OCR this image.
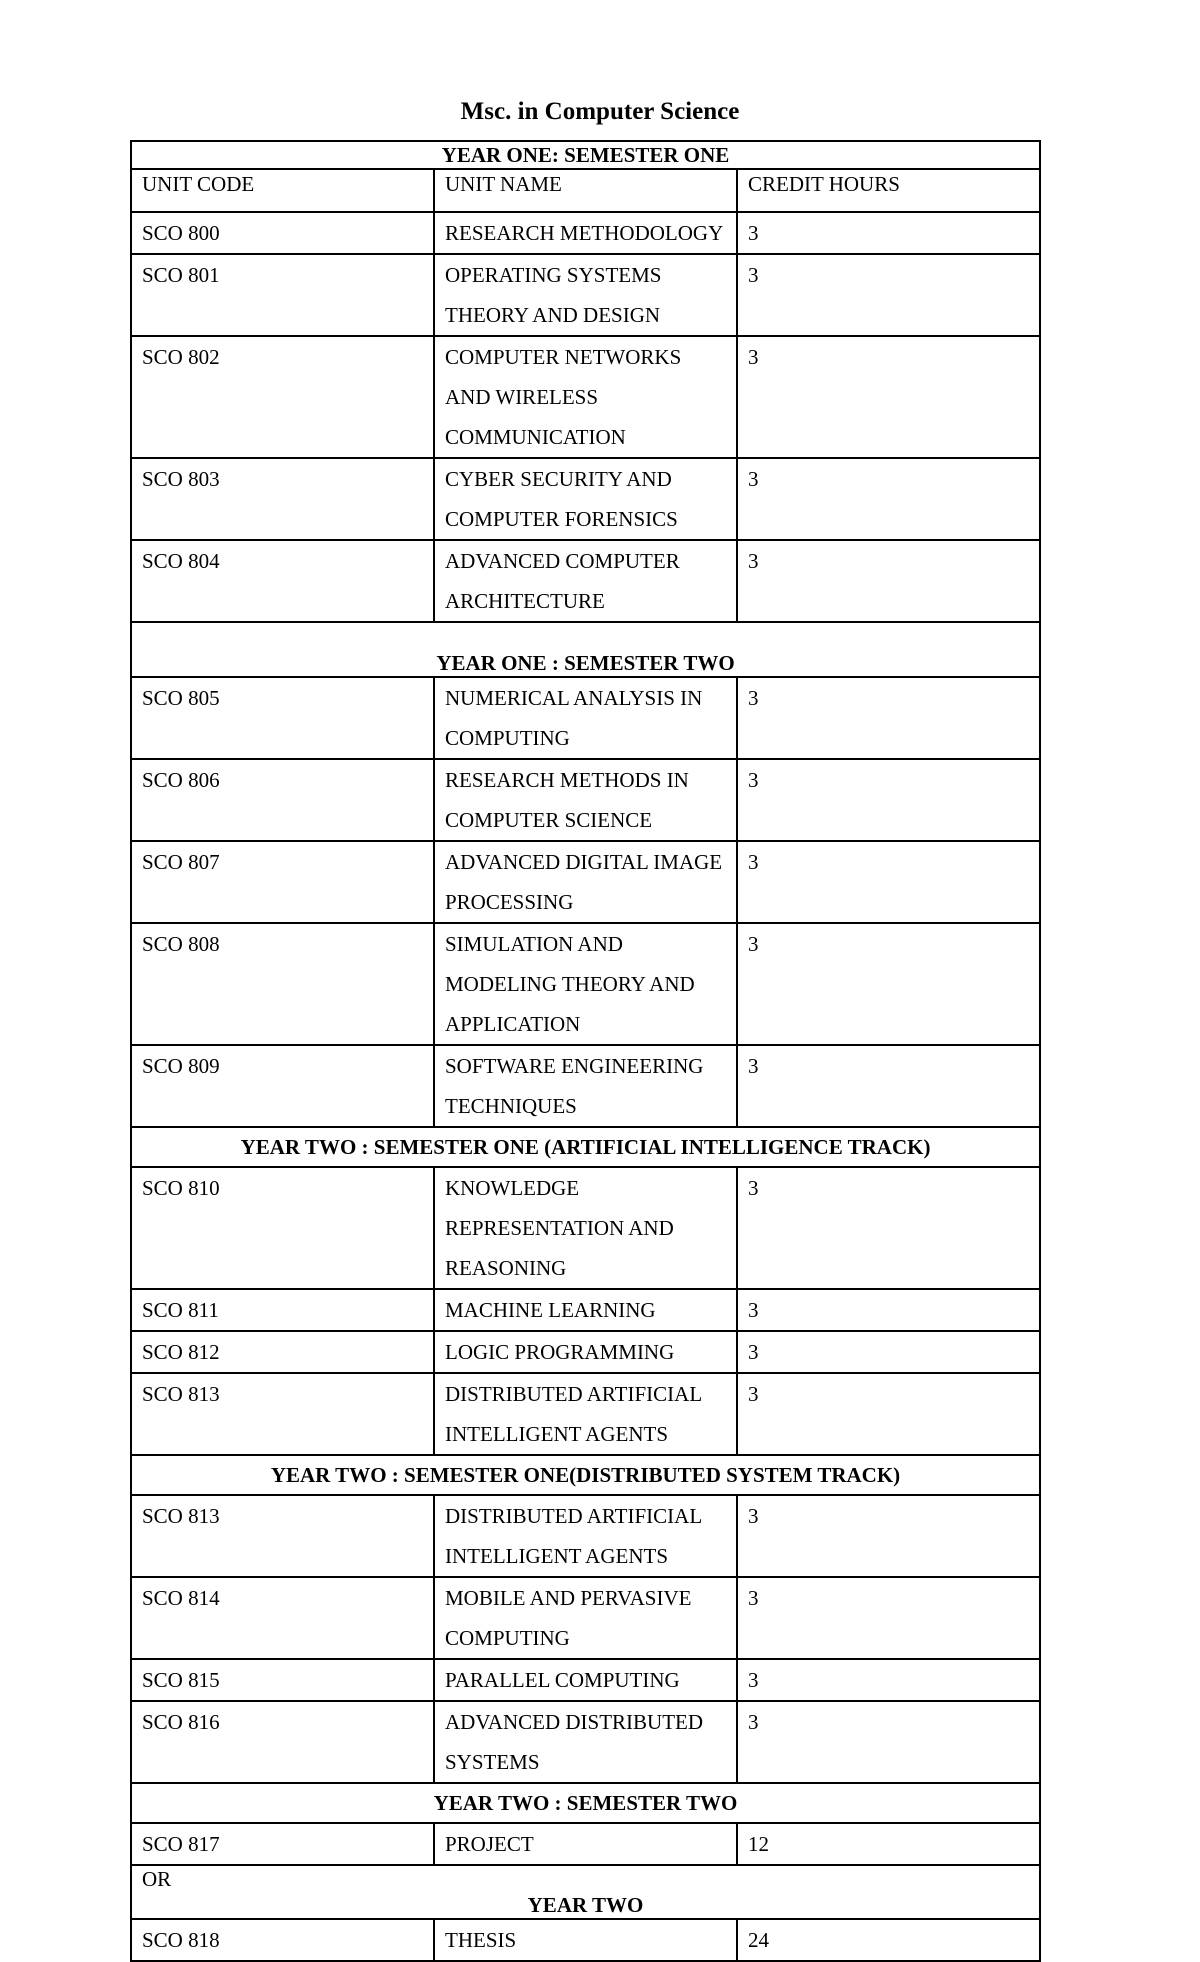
Msc. in Computer Science
YEAR ONE: SEMESTER ONE		
UNIT CODE	UNIT NAME	CREDIT HOURS
SCO 800	RESEARCH METHODOLOGY	3
SCO 801	OPERATING SYSTEMS THEORY AND DESIGN	3
SCO 802	COMPUTER NETWORKS AND WIRELESS COMMUNICATION	3
SCO 803	CYBER SECURITY AND COMPUTER FORENSICS	3
SCO 804	ADVANCED COMPUTER ARCHITECTURE	3
YEAR ONE : SEMESTER TWO		
SCO 805	NUMERICAL ANALYSIS IN COMPUTING	3
SCO 806	RESEARCH METHODS IN COMPUTER SCIENCE	3
SCO 807	ADVANCED DIGITAL IMAGE PROCESSING	3
SCO 808	SIMULATION AND MODELING THEORY AND APPLICATION	3
SCO 809	SOFTWARE ENGINEERING TECHNIQUES	3
YEAR TWO : SEMESTER ONE (ARTIFICIAL INTELLIGENCE TRACK)		
SCO 810	KNOWLEDGE REPRESENTATION AND REASONING	3
SCO 811	MACHINE LEARNING	3
SCO 812	LOGIC PROGRAMMING	3
SCO 813	DISTRIBUTED ARTIFICIAL INTELLIGENT AGENTS	3
YEAR TWO : SEMESTER ONE(DISTRIBUTED SYSTEM TRACK)		
SCO 813	DISTRIBUTED ARTIFICIAL INTELLIGENT AGENTS	3
SCO 814	MOBILE AND PERVASIVE COMPUTING	3
SCO 815	PARALLEL COMPUTING	3
SCO 816	ADVANCED DISTRIBUTED SYSTEMS	3
YEAR TWO : SEMESTER TWO		
SCO 817	PROJECT	12

OR
YEAR TWO		

SCO 818	THESIS	24
